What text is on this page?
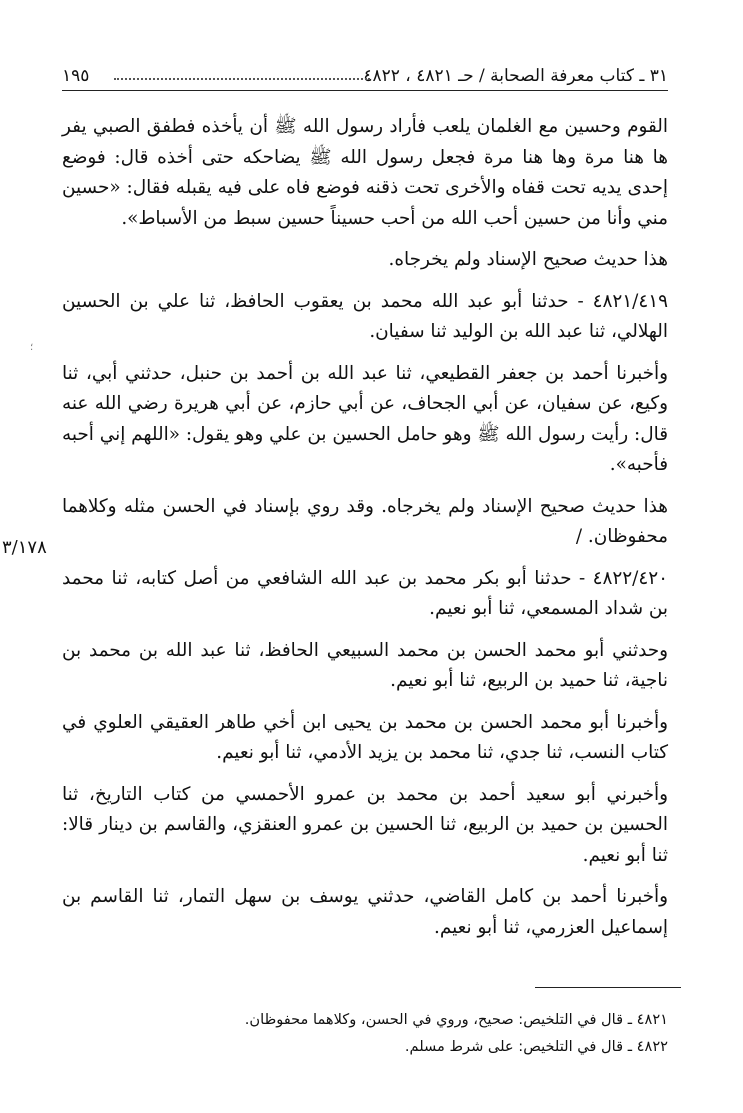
٣١ ـ كتاب معرفة الصحابة / حـ ٤٨٢١ ، ٤٨٢٢
١٩٥

القوم وحسين مع الغلمان يلعب فأراد رسول الله ﷺ أن يأخذه فطفق الصبي يفر ها هنا مرة وها هنا مرة فجعل رسول الله ﷺ يضاحكه حتى أخذه قال: فوضع إحدى يديه تحت قفاه والأخرى تحت ذقنه فوضع فاه على فيه يقبله فقال: «حسين مني وأنا من حسين أحب الله من أحب حسيناً حسين سبط من الأسباط».

هذا حديث صحيح الإسناد ولم يخرجاه.

٤٨٢١/٤١٩ - حدثنا أبو عبد الله محمد بن يعقوب الحافظ، ثنا علي بن الحسين الهلالي، ثنا عبد الله بن الوليد ثنا سفيان.

وأخبرنا أحمد بن جعفر القطيعي، ثنا عبد الله بن أحمد بن حنبل، حدثني أبي، ثنا وكيع، عن سفيان، عن أبي الجحاف، عن أبي حازم، عن أبي هريرة رضي الله عنه قال: رأيت رسول الله ﷺ وهو حامل الحسين بن علي وهو يقول: «اللهم إني أحبه فأحبه».

هذا حديث صحيح الإسناد ولم يخرجاه. وقد روي بإسناد في الحسن مثله وكلاهما محفوظان. /

٤٨٢٢/٤٢٠ - حدثنا أبو بكر محمد بن عبد الله الشافعي من أصل كتابه، ثنا محمد بن شداد المسمعي، ثنا أبو نعيم.

وحدثني أبو محمد الحسن بن محمد السبيعي الحافظ، ثنا عبد الله بن محمد بن ناجية، ثنا حميد بن الربيع، ثنا أبو نعيم.

وأخبرنا أبو محمد الحسن بن محمد بن يحيى ابن أخي طاهر العقيقي العلوي في كتاب النسب، ثنا جدي، ثنا محمد بن يزيد الأدمي، ثنا أبو نعيم.

وأخبرني أبو سعيد أحمد بن محمد بن عمرو الأحمسي من كتاب التاريخ، ثنا الحسين بن حميد بن الربيع، ثنا الحسين بن عمرو العنقزي، والقاسم بن دينار قالا: ثنا أبو نعيم.

وأخبرنا أحمد بن كامل القاضي، حدثني يوسف بن سهل التمار، ثنا القاسم بن إسماعيل العزرمي، ثنا أبو نعيم.

٣/١٧٨
؛

٤٨٢١ ـ قال في التلخيص: صحيح، وروي في الحسن، وكلاهما محفوظان.

٤٨٢٢ ـ قال في التلخيص: على شرط مسلم.
